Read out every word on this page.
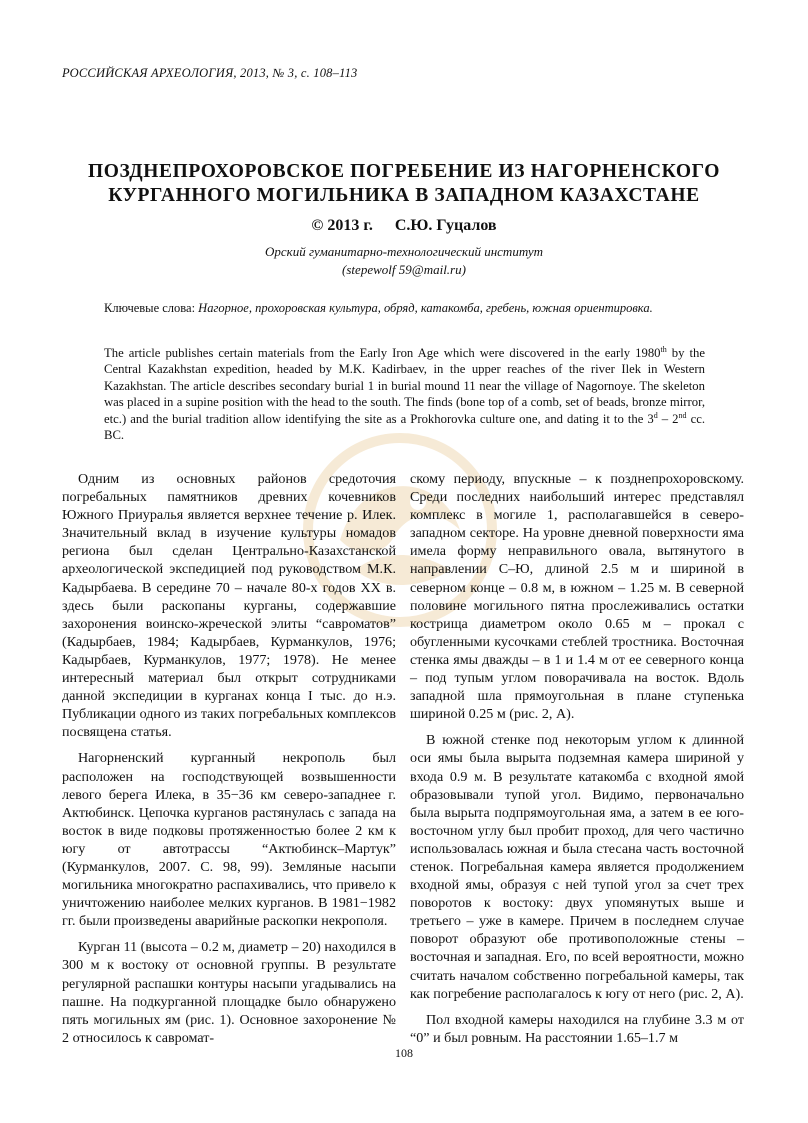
РОССИЙСКАЯ АРХЕОЛОГИЯ, 2013, № 3, с. 108–113
ПОЗДНЕПРОХОРОВСКОЕ ПОГРЕБЕНИЕ ИЗ НАГОРНЕНСКОГО
КУРГАННОГО МОГИЛЬНИКА В ЗАПАДНОМ КАЗАХСТАНЕ
© 2013 г. С.Ю. Гуцалов
Орский гуманитарно-технологический институт
(stepewolf 59@mail.ru)
Ключевые слова: Нагорное, прохоровская культура, обряд, катакомба, гребень, южная ориентировка.
The article publishes certain materials from the Early Iron Age which were discovered in the early 1980th by the Central Kazakhstan expedition, headed by M.K. Kadirbaev, in the upper reaches of the river Ilek in Western Kazakhstan. The article describes secondary burial 1 in burial mound 11 near the village of Nagornoye. The skeleton was placed in a supine position with the head to the south. The finds (bone top of a comb, set of beads, bronze mirror, etc.) and the burial tradition allow identifying the site as a Prokhorovka culture one, and dating it to the 3$^d$ – 2nd cc. BC.

Одним из основных районов средоточия погребальных памятников древних кочевников Южного Приуралья является верхнее течение р. Илек. Значительный вклад в изучение культуры номадов региона был сделан Центрально-Казахстанской археологической экспедицией под руководством М.К. Кадырбаева. В середине 70 – начале 80-х годов XX в. здесь были раскопаны курганы, содержавшие захоронения воинско-жреческой элиты “савроматов” (Кадырбаев, 1984; Кадырбаев, Курманкулов, 1976; Кадырбаев, Курманкулов, 1977; 1978). Не менее интересный материал был открыт сотрудниками данной экспедиции в курганах конца I тыс. до н.э. Публикации одного из таких погребальных комплексов посвящена статья.

Нагорненский курганный некрополь был расположен на господствующей возвышенности левого берега Илека, в 35−36 км северо-западнее г. Актюбинск. Цепочка курганов растянулась с запада на восток в виде подковы протяженностью более 2 км к югу от автотрассы “Актюбинск–Мартук” (Курманкулов, 2007. С. 98, 99). Земляные насыпи могильника многократно распахивались, что привело к уничтожению наиболее мелких курганов. В 1981−1982 гг. были произведены аварийные раскопки некрополя.

Курган 11 (высота – 0.2 м, диаметр – 20) находился в 300 м к востоку от основной группы. В результате регулярной распашки контуры насыпи угадывались на пашне. На подкурганной площадке было обнаружено пять могильных ям (рис. 1). Основное захоронение № 2 относилось к савромат-

скому периоду, впускные – к позднепрохоровскому. Среди последних наибольший интерес представлял комплекс в могиле 1, располагавшейся в северо-западном секторе. На уровне дневной поверхности яма имела форму неправильного овала, вытянутого в направлении С–Ю, длиной 2.5 м и шириной в северном конце – 0.8 м, в южном – 1.25 м. В северной половине могильного пятна прослеживались остатки кострища диаметром около 0.65 м – прокал с обугленными кусочками стеблей тростника. Восточная стенка ямы дважды – в 1 и 1.4 м от ее северного конца – под тупым углом поворачивала на восток. Вдоль западной шла прямоугольная в плане ступенька шириной 0.25 м (рис. 2, А).

В южной стенке под некоторым углом к длинной оси ямы была вырыта подземная камера шириной у входа 0.9 м. В результате катакомба с входной ямой образовывали тупой угол. Видимо, первоначально была вырыта подпрямоугольная яма, а затем в ее юго-восточном углу был пробит проход, для чего частично использовалась южная и была стесана часть восточной стенок. Погребальная камера является продолжением входной ямы, образуя с ней тупой угол за счет трех поворотов к востоку: двух упомянутых выше и третьего – уже в камере. Причем в последнем случае поворот образуют обе противоположные стены – восточная и западная. Его, по всей вероятности, можно считать началом собственно погребальной камеры, так как погребение располагалось к югу от него (рис. 2, А).

Пол входной камеры находился на глубине 3.3 м от “0” и был ровным. На расстоянии 1.65–1.7 м

108
